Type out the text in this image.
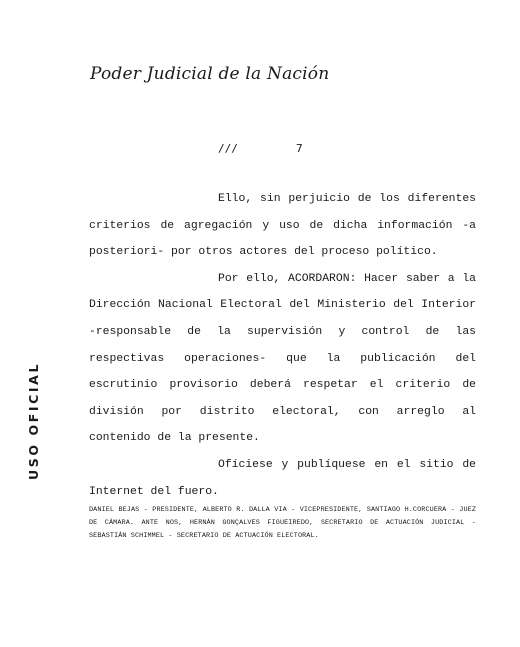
Poder Judicial de la Nación
///	7
USO OFICIAL

Ello, sin perjuicio de los diferentes criterios de agregación y uso de dicha información -a posteriori- por otros actores del proceso político.

Por ello, ACORDARON: Hacer saber a la Dirección Nacional Electoral del Ministerio del Interior -responsable de la supervisión y control de las respectivas operaciones- que la publicación del escrutinio provisorio deberá respetar el criterio de división por distrito electoral, con arreglo al contenido de la presente.

Ofíciese y publíquese en el sitio de Internet del fuero.

DANIEL BEJAS - PRESIDENTE, ALBERTO R. DALLA VIA - VICEPRESIDENTE, SANTIAGO H.CORCUERA - JUEZ DE CÁMARA. ANTE NOS, HERNÁN GONÇALVES FIGUEIREDO, SECRETARIO DE ACTUACIÓN JUDICIAL - SEBASTIÁN SCHIMMEL - SECRETARIO DE ACTUACIÓN ELECTORAL.
